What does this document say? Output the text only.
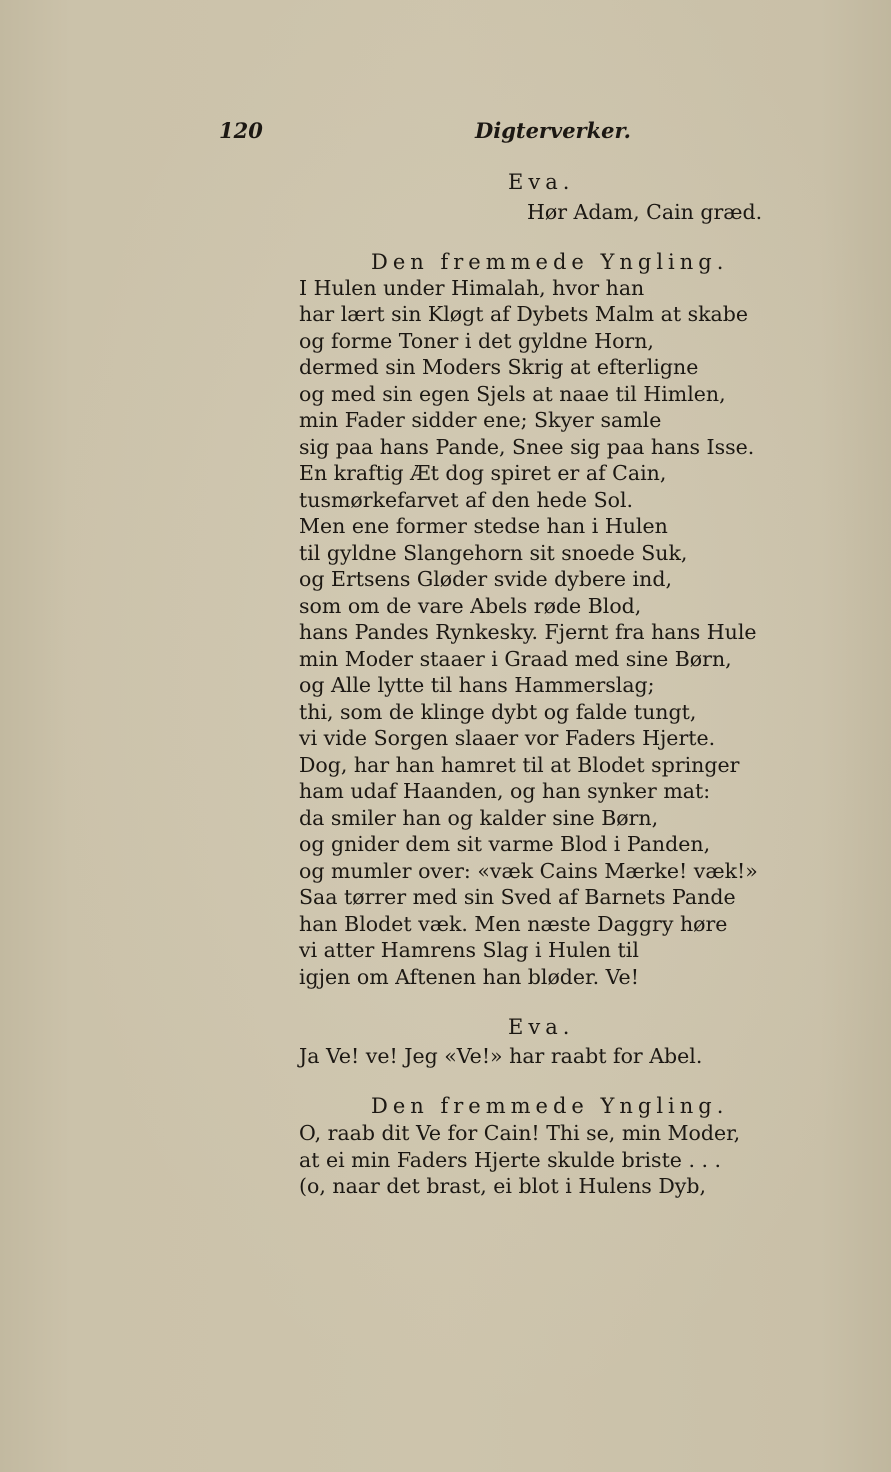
120	Digterverker.
Eva.
Hør Adam, Cain græd.
Den fremmede Yngling.
I Hulen under Himalah, hvor han
har lært sin Kløgt af Dybets Malm at skabe
og forme Toner i det gyldne Horn,
dermed sin Moders Skrig at efterligne
og med sin egen Sjels at naae til Himlen,
min Fader sidder ene; Skyer samle
sig paa hans Pande, Snee sig paa hans Isse.
En kraftig Æt dog spiret er af Cain,
tusmørkefarvet af den hede Sol.
Men ene former stedse han i Hulen
til gyldne Slangehorn sit snoede Suk,
og Ertsens Gløder svide dybere ind,
som om de vare Abels røde Blod,
hans Pandes Rynkesky. Fjernt fra hans Hule
min Moder staaer i Graad med sine Børn,
og Alle lytte til hans Hammerslag;
thi, som de klinge dybt og falde tungt,
vi vide Sorgen slaaer vor Faders Hjerte.
Dog, har han hamret til at Blodet springer
ham udaf Haanden, og han synker mat:
da smiler han og kalder sine Børn,
og gnider dem sit varme Blod i Panden,
og mumler over: «væk Cains Mærke! væk!»
Saa tørrer med sin Sved af Barnets Pande
han Blodet væk. Men næste Daggry høre
vi atter Hamrens Slag i Hulen til
igjen om Aftenen han bløder. Ve!
Eva.
Ja Ve! ve! Jeg «Ve!» har raabt for Abel.
Den fremmede Yngling.
O, raab dit Ve for Cain! Thi se, min Moder,
at ei min Faders Hjerte skulde briste . . .
(o, naar det brast, ei blot i Hulens Dyb,
